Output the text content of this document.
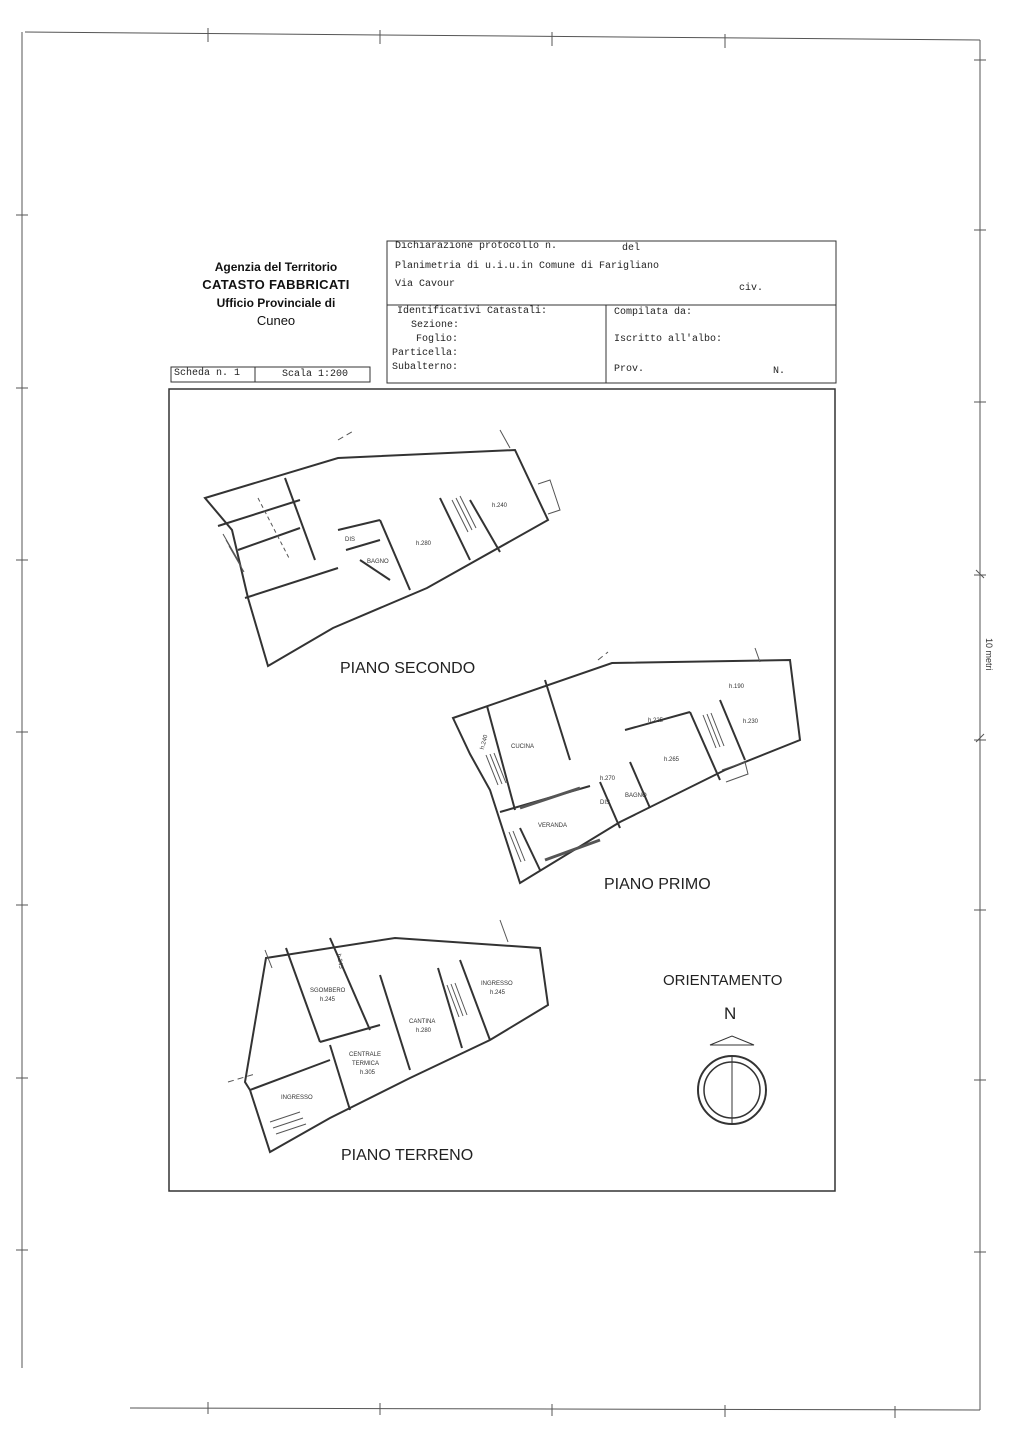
Agenzia del Territorio
CATASTO FABBRICATI
Ufficio Provinciale di
Cuneo
Dichiarazione protocollo n.	del
Planimetria di u.i.u.in Comune di Farigliano
Via Cavour	civ.
Identificativi Catastali:
Sezione:
Foglio:
Particella:
Subalterno:
Compilata da:
Iscritto all'albo:
Prov.	N.
Scheda n. 1	Scala 1:200
10 metri
h.240
h.280
DIS
BAGNO
CUCINA
VERANDA
DIS
BAGNO
h.265
h.230
h.225
h.270
h.190
h.240
SGOMBERO
h.245
INGRESSO
h.245
CANTINA
h.280
CENTRALE
TERMICA
h.305
INGRESSO
h.245
PIANO SECONDO
PIANO PRIMO
PIANO TERRENO
ORIENTAMENTO
N
